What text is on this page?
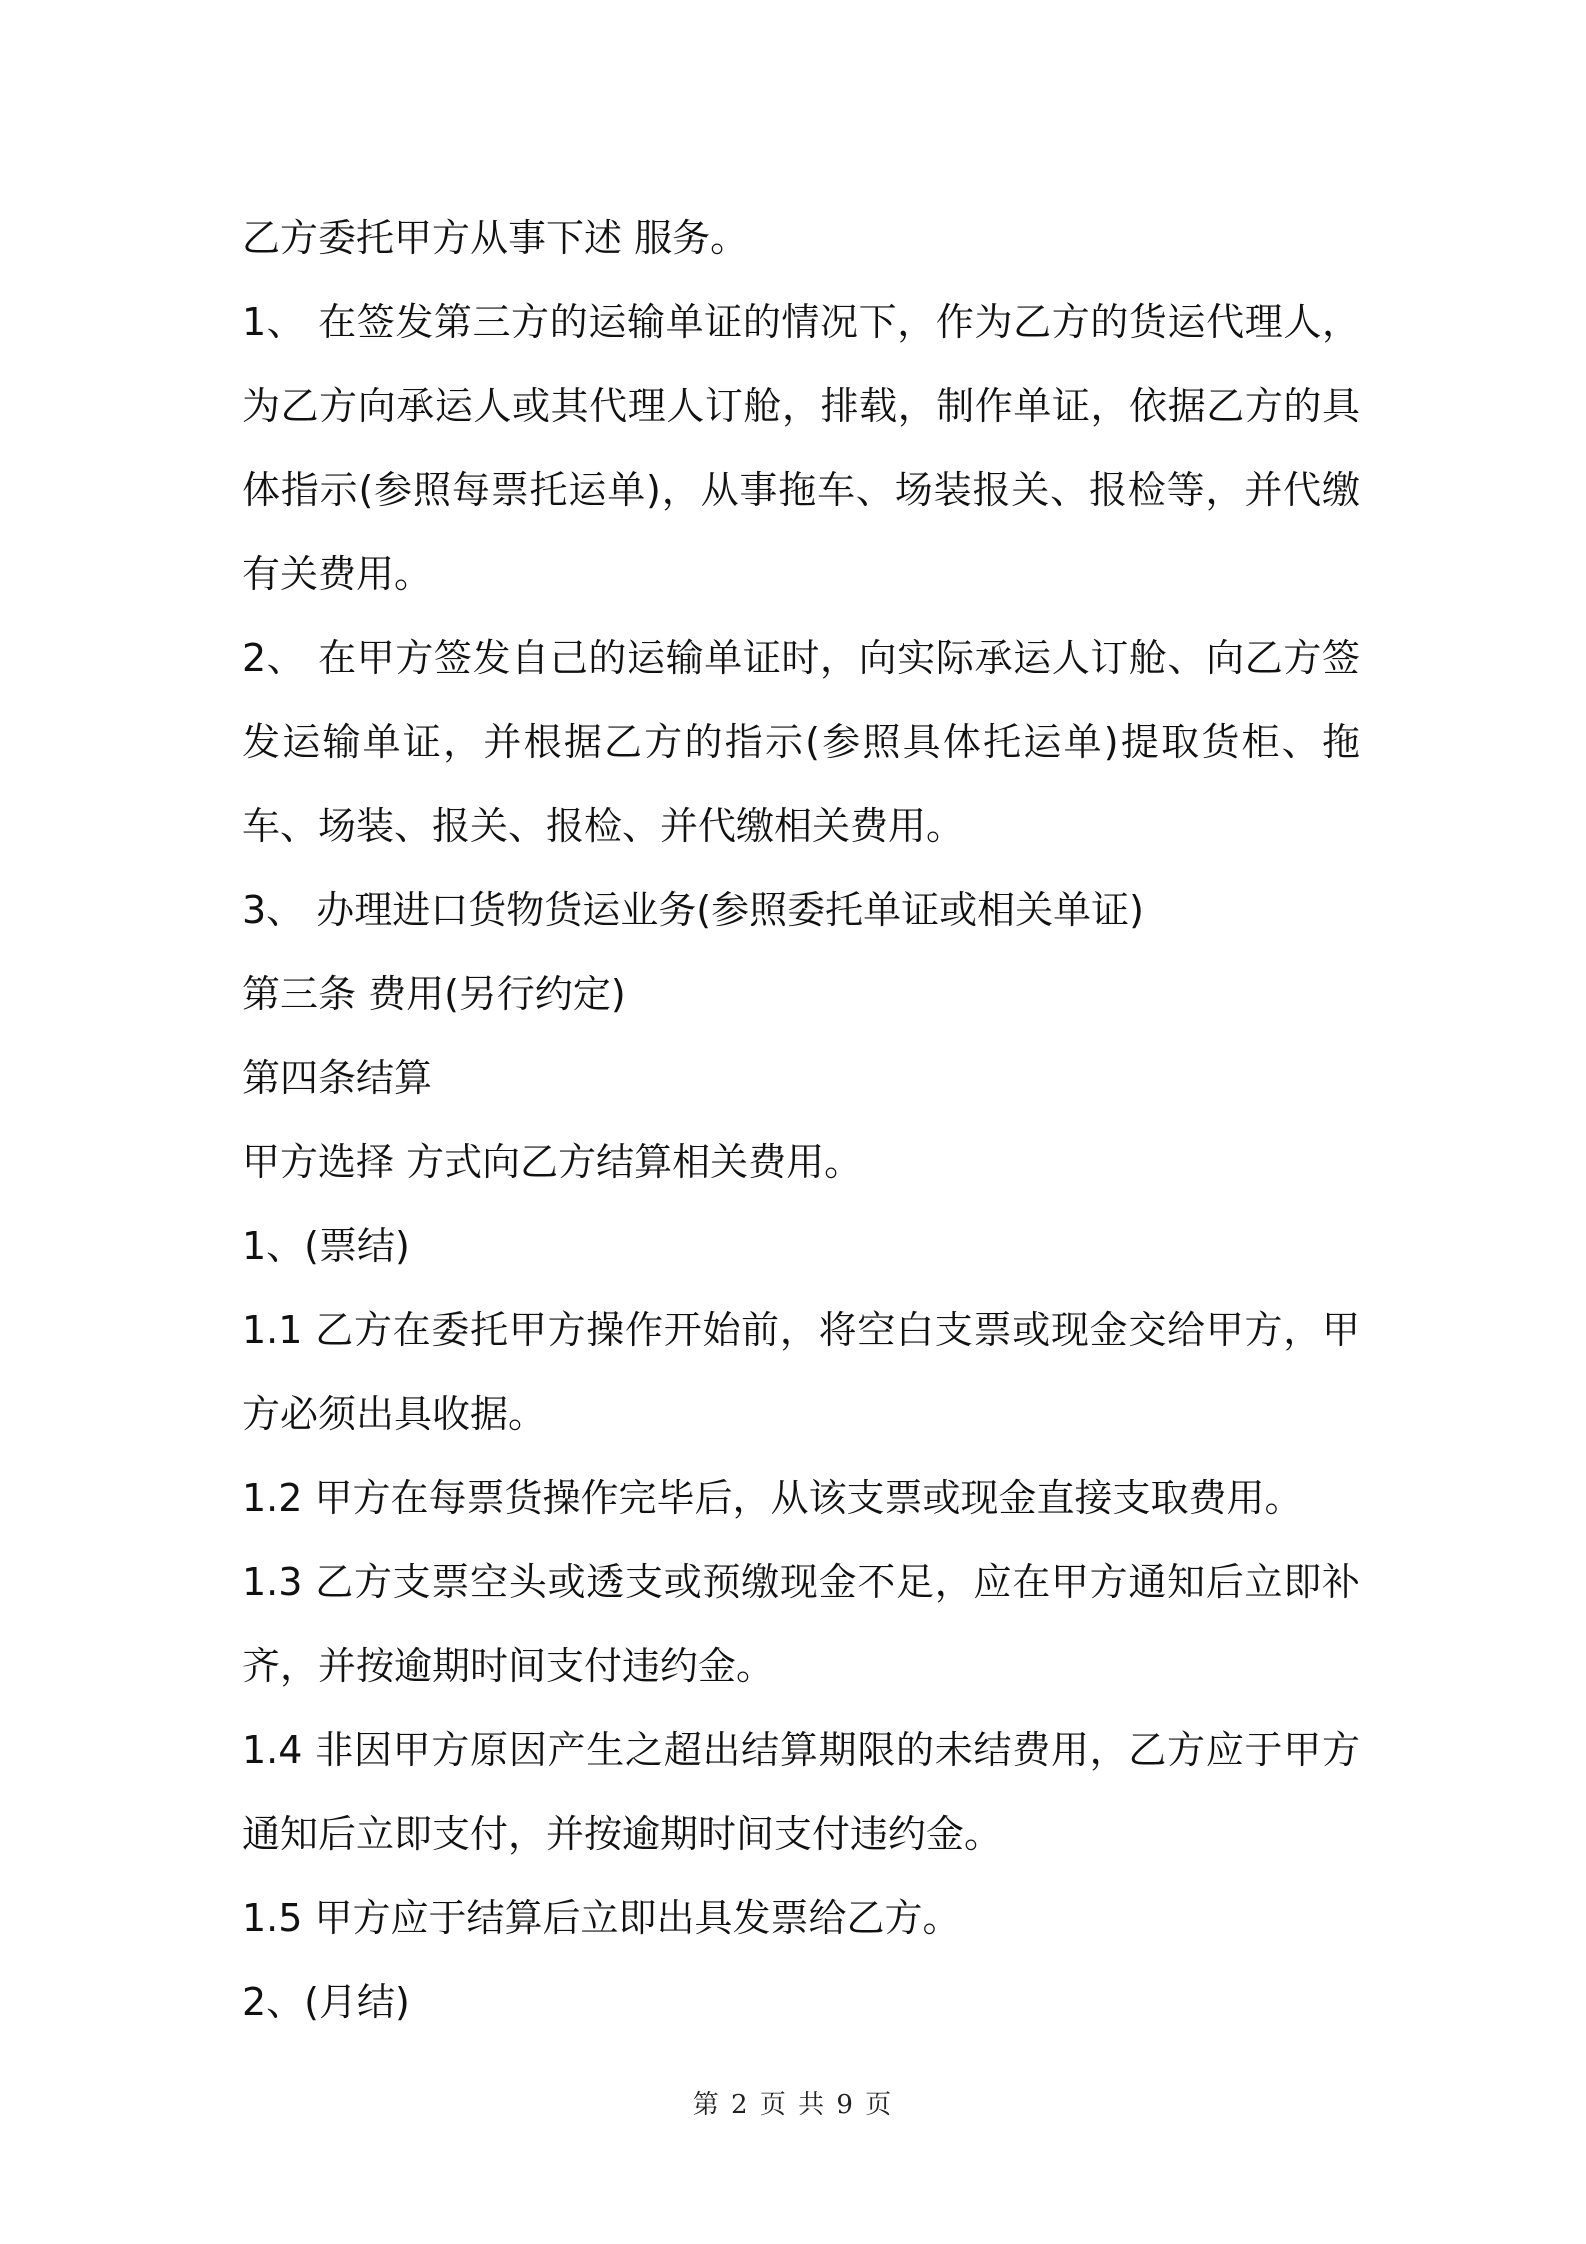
乙方委托甲方从事下述 服务。

1、 在签发第三方的运输单证的情况下，作为乙方的货运代理人，为乙方向承运人或其代理人订舱，排载，制作单证，依据乙方的具体指示(参照每票托运单)，从事拖车、场装报关、报检等，并代缴有关费用。

2、 在甲方签发自己的运输单证时，向实际承运人订舱、向乙方签发运输单证，并根据乙方的指示(参照具体托运单)提取货柜、拖车、场装、报关、报检、并代缴相关费用。

3、 办理进口货物货运业务(参照委托单证或相关单证)

第三条 费用(另行约定)

第四条结算

甲方选择 方式向乙方结算相关费用。

1、(票结)

1.1 乙方在委托甲方操作开始前，将空白支票或现金交给甲方，甲方必须出具收据。

1.2 甲方在每票货操作完毕后，从该支票或现金直接支取费用。

1.3 乙方支票空头或透支或预缴现金不足，应在甲方通知后立即补齐，并按逾期时间支付违约金。

1.4 非因甲方原因产生之超出结算期限的未结费用，乙方应于甲方通知后立即支付，并按逾期时间支付违约金。

1.5 甲方应于结算后立即出具发票给乙方。

2、(月结)

第 2 页 共 9 页
